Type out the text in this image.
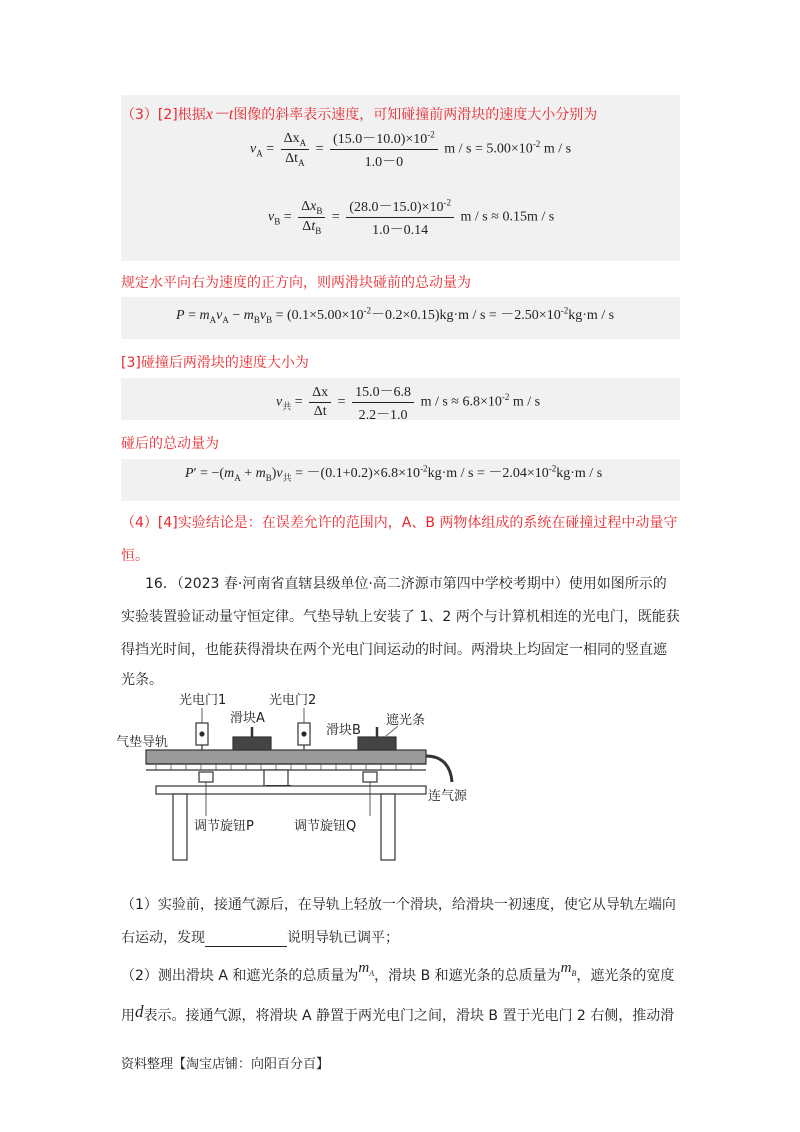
（3）[2]根据x－t图像的斜率表示速度，可知碰撞前两滑块的速度大小分别为
$v_A = \frac{\Delta x_A}{\Delta t_A} = \frac{(15.0-10.0)\times 10^{-2}}{1.0-0}$ $m / s = 5.00\times 10^{-2}$ m / s
$v_B = \frac{\Delta x_B}{\Delta t_B} = \frac{(28.0-15.0)\times 10^{-2}}{1.0-0.14}$ m / s ≈ 0.15m / s
规定水平向右为速度的正方向，则两滑块碰前的总动量为
$P = m_Av_A - m_Bv_B = (0.1\times 5.00\times 10^{-2}-0.2\times 0.15)kg\cdot m / s = -2.50\times 10^{-2}kg\cdot m / s$
[3]碰撞后两滑块的速度大小为
$v_共 = \frac{\Delta x}{\Delta t} = \frac{15.0-6.8}{2.2-1.0}$ $m / s \approx 6.8\times 10^{-2}$ m / s
碰后的总动量为
$P' = -(m_A + m_B)v_共 = -(0.1+0.2)\times 6.8\times 10^{-2}kg\cdot m / s = -2.04\times 10^{-2}kg\cdot m / s$
（4）[4]实验结论是：在误差允许的范围内，A、B 两物体组成的系统在碰撞过程中动量守
恒。
16．（2023 春·河南省直辖县级单位·高二济源市第四中学校考期中）使用如图所示的
实验装置验证动量守恒定律。气垫导轨上安装了 1、2 两个与计算机相连的光电门，既能获
得挡光时间，也能获得滑块在两个光电门间运动的时间。两滑块上均固定一相同的竖直遮
光条。
光电门1	光电门2
滑块A
滑块B
遮光条
气垫导轨
连气源
调节旋钮P	调节旋钮Q
（1）实验前，接通气源后，在导轨上轻放一个滑块，给滑块一初速度，使它从导轨左端向
右运动，发现	说明导轨已调平；
（2）测出滑块 A 和遮光条的总质量为$m_A$，滑块 B 和遮光条的总质量为$m_B$，遮光条的宽度
用d表示。接通气源，将滑块 A 静置于两光电门之间，滑块 B 置于光电门 2 右侧，推动滑
资料整理【淘宝店铺：向阳百分百】
